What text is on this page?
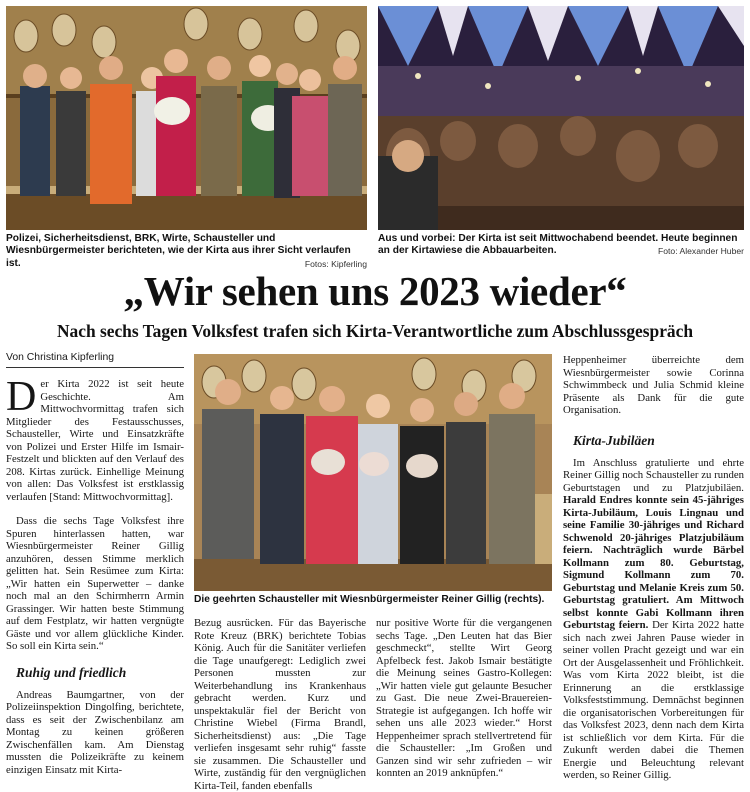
Polizei, Sicherheitsdienst, BRK, Wirte, Schausteller und Wiesnbürgermeister berichteten, wie der Kirta aus ihrer Sicht verlaufen ist.	Fotos: Kipferling
Aus und vorbei: Der Kirta ist seit Mittwochabend beendet. Heute beginnen an der Kirtawiese die Abbauarbeiten.	Foto: Alexander Huber
„Wir sehen uns 2023 wieder“
Nach sechs Tagen Volksfest trafen sich Kirta-Verantwortliche zum Abschlussgespräch
Von Christina Kipferling
Die geehrten Schausteller mit Wiesnbürgermeister Reiner Gillig (rechts).

Der Kirta 2022 ist seit heute Geschichte. Am Mittwochvormittag trafen sich Mitglieder des Festausschusses, Schausteller, Wirte und Einsatzkräfte von Polizei und Erster Hilfe im Ismair-Festzelt und blickten auf den Verlauf des 208. Kirtas zurück. Einhellige Meinung von allen: Das Volksfest ist erstklassig verlaufen [Stand: Mittwochvormittag].

Dass die sechs Tage Volksfest ihre Spuren hinterlassen hatten, war Wiesnbürgermeister Reiner Gillig anzuhören, dessen Stimme merklich gelitten hat. Sein Resümee zum Kirta: „Wir hatten ein Superwetter – danke noch mal an den Schirmherrn Armin Grassinger. Wir hatten beste Stimmung auf dem Festplatz, wir hatten vergnügte Gäste und vor allem glückliche Kinder. So soll ein Kirta sein.“

Ruhig und friedlich

Andreas Baumgartner, von der Polizeiinspektion Dingolfing, berichtete, dass es seit der Zwischenbilanz am Montag zu keinen größeren Zwischenfällen kam. Am Dienstag mussten die Polizeikräfte zu keinem einzigen Einsatz mit Kirta-

Bezug ausrücken. Für das Bayerische Rote Kreuz (BRK) berichtete Tobias König. Auch für die Sanitäter verliefen die Tage unaufgeregt: Lediglich zwei Personen mussten zur Weiterbehandlung ins Krankenhaus gebracht werden. Kurz und unspektakulär fiel der Bericht von Christine Wiebel (Firma Brandl, Sicherheitsdienst) aus: „Die Tage verliefen insgesamt sehr ruhig“ fasste sie zusammen. Die Schausteller und Wirte, zuständig für den vergnüglichen Kirta-Teil, fanden ebenfalls

nur positive Worte für die vergangenen sechs Tage. „Den Leuten hat das Bier geschmeckt“, stellte Wirt Georg Apfelbeck fest. Jakob Ismair bestätigte die Meinung seines Gastro-Kollegen: „Wir hatten viele gut gelaunte Besucher zu Gast. Die neue Zwei-Brauereien-Strategie ist aufgegangen. Ich hoffe wir sehen uns alle 2023 wieder.“ Horst Heppenheimer sprach stellvertretend für die Schausteller: „Im Großen und Ganzen sind wir sehr zufrieden – wir konnten an 2019 anknüpfen.“

Heppenheimer überreichte dem Wiesnbürgermeister sowie Corinna Schwimmbeck und Julia Schmid kleine Präsente als Dank für die gute Organisation.

Kirta-Jubiläen

Im Anschluss gratulierte und ehrte Reiner Gillig noch Schausteller zu runden Geburtstagen und zu Platzjubiläen. Harald Endres konnte sein 45-jähriges Kirta-Jubiläum, Louis Lingnau und seine Familie 30-jähriges und Richard Schwenold 20-jähriges Platzjubiläum feiern. Nachträglich wurde Bärbel Kollmann zum 80. Geburtstag, Sigmund Kollmann zum 70. Geburtstag und Melanie Kreis zum 50. Geburtstag gratuliert. Am Mittwoch selbst konnte Gabi Kollmann ihren Geburtstag feiern. Der Kirta 2022 hatte sich nach zwei Jahren Pause wieder in seiner vollen Pracht gezeigt und war ein Ort der Ausgelassenheit und Fröhlichkeit. Was vom Kirta 2022 bleibt, ist die Erinnerung an die erstklassige Volksfeststimmung. Demnächst beginnen die organisatorischen Vorbereitungen für das Volksfest 2023, denn nach dem Kirta ist schließlich vor dem Kirta. Für die Zukunft werden dabei die Themen Energie und Beleuchtung relevant werden, so Reiner Gillig.
